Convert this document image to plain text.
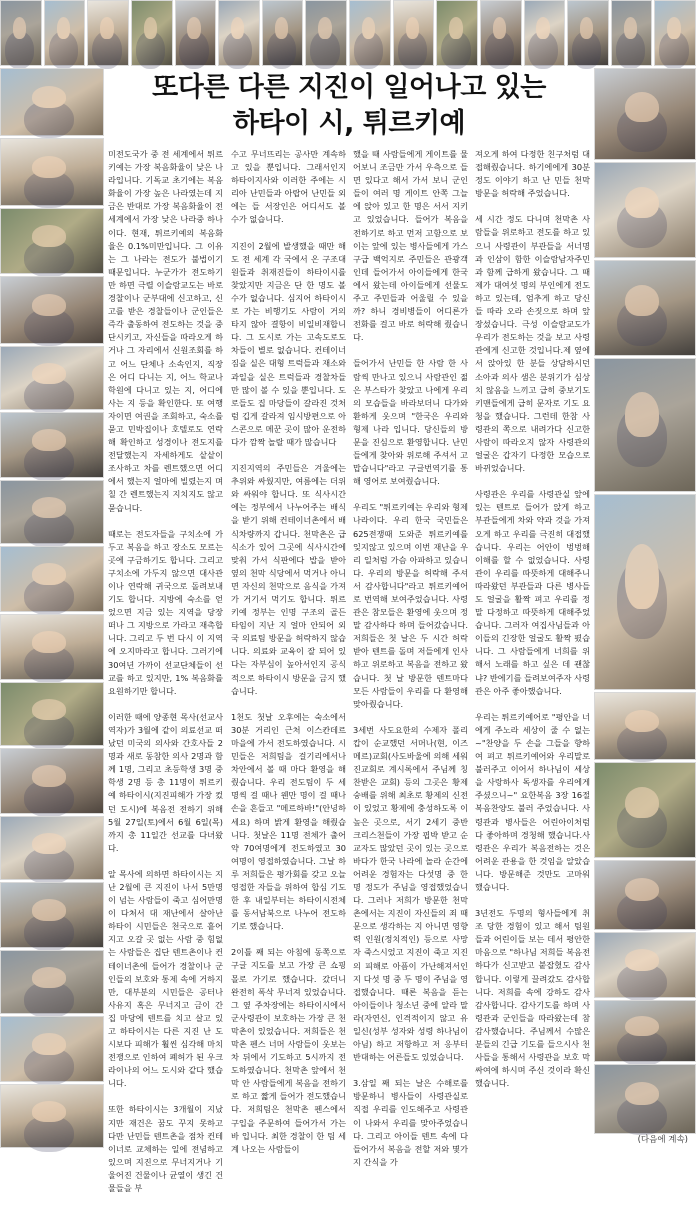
또다른 다른 지진이 일어나고 있는
하타이 시, 튀르키예

미전도국가 중 전 세계에서 튀르키예는 가장 복음화율이 낮은 나라입니다. 기독교 초기에는 복음화율이 가장 높은 나라였는데 지금은 반대로 가장 복음화율이 전 세계에서 가장 낮은 나라중 하나이다. 현재, 튀르키예의 복음화율은 0.1%미만입니다. 그 이유는 그 나라는 전도가 불법이기 때문입니다. 누군가가 전도하기만 하면 극렬 이슬람교도는 바로 경찰이나 군부대에 신고하고, 신고를 받은 경찰들이나 군인들은 즉각 출동하여 전도하는 것을 중단시키고, 자신들을 따라오게 하거나 그 자리에서 신원조회를 하고 어느 단체나 소속인지, 직장은 어디 다니는 지, 어느 학교나 학원에 다니고 있는 지, 어디에 사는 지 등을 확인한다. 또 여행자이면 여권을 조회하고, 숙소를 묻고 민박집이나 호텔로도 연락해 확인하고 성경이나 전도지를 전달했는지 자세하게도 샅샅이 조사하고 차를 렌트했으면 어디에서 했는지 얼마에 빌렸는지 며칠 간 렌트했는지 지치지도 않고 묻습니다.

때로는 전도자들을 구치소에 가두고 복음을 하고 장소도 모르는 곳에 구금하기도 합니다. 그리고 구치소에 가두지 않으면 대사관이나 연락해 귀국으로 돌려보내기도 합니다. 지방에 숙소를 얻었으면 지금 있는 지역을 당장 떠나 그 지방으로 가라고 재촉합니다. 그리고 두 번 다시 이 지역에 오지마라고 합니다. 그러기에 30여년 가까이 선교단체들이 선교를 하고 있지만, 1% 복음화를 요원하기만 합니다.

이러한 때에 양종현 목사(선교사역자)가 3월에 같이 의료선교 떠났던 미국의 의사와 간호사들 2명과 새로 동참한 의사 2명과 함께 1명, 그리고 초등학생 3명 중학생 2명 등 총 11명이 튀르키예 하타이시(지진피해가 가장 컸던 도시)에 복음전 전하기 위해 5월 27일(토)에서 6월 6일(목)까지 총 11일간 선교를 다녀왔다.

알 목사에 의하면 하타이시는 지난 2월에 큰 지진이 나서 5만명이 넘는 사람들이 죽고 심어만명이 다쳐서 대 재난에서 살아난 하타이 시민들은 천국으로 흩어지고 오갈 곳 없는 사람 중 힘없는 사람들은 집단 텐트촌이나 컨테이너촌에 들어가 경찰이나 군인들의 보호와 통제 속에 거하지만, 대부분의 시민들은 공터나 사유지 혹은 무너지고 금이 간 집 마당에 텐트를 치고 살고 있고 하타이시는 다른 지진 난 도시보다 피해가 훨씬 심각해 마치 전쟁으로 인하여 폐허가 된 우크라이나의 어느 도시와 같다 했습니다.

또한 하타이시는 3개월이 지났지만 재건은 꿈도 꾸지 못하고 다만 난민들 텐트촌을 점차 컨테이너로 교체하는 일에 전념하고 있으며 지진으로 무너지거나 기울어진 건물이나 균열이 생긴 건물들을 부

수고 무너뜨리는 공사만 계속하고 있을 뿐입니다. 그래서인지 하타이지사와 이러한 주에는 시리아 난민들과 아랍어 난민들 외에는 들 서장인은 어디서도 볼 수가 없습니다.

지진이 2월에 발생했을 때만 해도 전 세계 각 국에서 온 구조대원들과 취재진들이 하타이시를 찾았지만 지금은 단 한 명도 볼 수가 없습니다. 심지어 하타이시로 가는 비행기도 사람이 거의 타지 않아 결항이 비일비재합니다. 그 도시로 가는 고속도로도 차들이 별로 없습니다. 컨테이너 짐을 실은 대형 트럭들과 재소와 과일을 실은 트럭들과 경찰차들만 많이 볼 수 있을 뿐입니다. 도로들도 집 마당들이 갈라진 것처럼 깁게 갈라져 임시방편으로 아스콘으로 메꾼 곳이 많아 운전하다가 깜짝 놀랄 때가 많습니다

지진지역의 주민들은 겨울에는 추위와 싸웠지만, 여름에는 더위와 싸워야 합니다. 또 식사시간에는 정부에서 나누어주는 배식을 받기 위해 컨테이너촌에서 배식차량까지 갑니다. 천막촌은 급식소가 있어 그곳에 식사시간에 맞춰 가서 식판에다 밥을 받아 옆의 천막 식당에서 먹거나 아니면 자신의 천막으로 음식을 가져가 거기서 먹기도 합니다. 튀르키예 정부는 인명 구조의 골든 타임이 지난 지 얼마 안되어 외국 의료팀 방문을 허락하지 않습니다. 의료와 교육이 잘 되어 있다는 자부심이 높아서인지 공식적으로 하타이시 방문을 금지 했습니다.

1천도 첫날 오후에는 숙소에서 30분 거리인 근처 이스칸데르 마을에 가서 전도하였습니다. 시민들은 저희팀을 걸기리에서나 차안에서 볼 때 마다 환영을 해줬습니다. 우리 전도팀이 두 세명씩 걸 때나 웬만 명이 걸 때나 손을 흔들고 "메르하바!"(안녕하세요) 하며 밝게 환영을 해줬습니다. 첫날은 11명 전체가 출어 약 70여명에게 전도하였고 30여명이 영접하였습니다. 그날 하루 저희들은 평가회를 갖고 오늘 영접한 자들을 위하여 합심 기도한 후 내일부터는 하타이시전체를 동서남북으로 나누어 전도하기로 했습니다.

2이틀 째 되는 아침에 동쪽으로 구글 지도를 보고 가장 큰 쇼핑몰로 가기로 했습니다. 갔더니 완전히 폭삭 무너져 있었습니다. 그 옆 주차장에는 하타이시에서 군사령관이 보호하는 가장 큰 천막촌이 있었습니다. 저희들은 천막촌 펜스 너머 사람들이 웃보는 차 뒤에서 기도하고 5시까지 전도하였습니다. 천막촌 앞에서 천막 안 사람들에게 복음을 전하기로 하고 짧게 들어가 전도했습니다. 저희팀은 천막촌 펜스에서 구입을 주문하여 들어가서 가는 바 입니다. 최한 경찰이 한 팀 세계 나오는 사람들이

했을 때 사람들에게 게이트를 물어보니 조금만 가서 우측으로 들면 있다고 해서 가서 보니 군인들이 여러 명 게이트 안쪽 그늘에 앉아 있고 한 명은 서서 지키고 있었습니다. 들어가 복음을 전하기로 하고 먼저 고함으로 보이는 앞에 있는 병사들에게 가스 구급 백억지로 주민들은 관광객인데 들어가서 아이들에게 한국에서 왔는데 아이들에게 선물도 주고 주민들과 어울릴 수 있을까? 하니 경비병들이 어디론가 전화를 걸고 바로 허락해 줬습니다.

들어가서 난민들 한 사람 한 사람씩 만나고 있으니 사람관인 젊은 부스타가 찾았고 나에게 우리의 모습들을 바라보더니 다가와 환하게 웃으며 "한국은 우리와 형제 나라 입니다. 당신들의 방문을 진심으로 환영합니다. 난민들에게 찾아와 위로해 주셔서 고맙습니다"라고 구글번역기를 통해 영어로 보여줬습니다.

우리도 "튀르키예는 우리와 형제나라이다. 우리 한국 국민들은 625전쟁때 도와준 튀르키예를 잊지않고 있으며 이번 재난을 우리 일처럼 가슴 아파하고 있습니다. 우리의 방문을 허락해 주셔서 감사합니다"라고 튀르키예어로 번역해 보여주었습니다. 사령관은 참모들은 환영에 웃으며 정말 감사하다 하며 들어갔습니다. 저희들은 첫 날은 두 시간 허락 받아 텐트를 돌며 저들에게 인사하고 위로하고 복음을 전하고 왔습니다. 첫 날 방문한 텐트마다 모든 사람들이 우리를 다 환영해 맞아줬습니다.

3세번 사도요한의 수제자 폴리캅이 순교했던 서머나(현, 이즈메르)교회(사도바울에 의해 세워진교회로 계시록에서 주님께 칭찬받은 교회) 등의 그곳은 황제 숭배를 위해 최초로 황제의 신전이 있었고 황제에 충성하도록 이 높은 곳으로, 서기 2세기 중반 크리스천들이 가장 핍박 받고 순교자도 많았던 곳이 있는 곳으로 바다가 한국 나라에 놀라 순간에 어려운 경험자는 다섯명 중 한 명 정도가 주님을 영접했었습니다. 그러나 저희가 방문한 천막촌에서는 지진이 자신들의 죄 때문으로 생각하는 지 아니면 영향력 인원(정치적인) 등으로 사망자 죽스시었고 지진이 죽고 지진의 피해로 아픔이 가난해져서인지 다섯 명 중 두 명이 주님을 영접했습니다. 때론 복음을 듣는 아이들이나 청소년 중에 알라 말라(자연신, 인격적이지 않고 유일신(성부 성자와 성령 하나님이 아님) 하고 저항하고 저 응부터 반대하는 어른들도 있었습니다.

3.삼일 째 되는 날은 수해로를 방문하니 병사들이 사령관실로 직접 우리를 인도해주고 사령관이 나와서 우리를 맞아주었습니다. 그리고 아이들 텐트 속에 다 들어가서 복음을 전할 저와 몇가지 간식을 가

져오게 하여 다정한 친구처럼 대접해줬습니다. 하기에에게 30분 정도 이야기 하고 난 민들 천막 방문을 허락해 주었습니다.

세 시간 정도 다니며 천막촌 사람들을 위로하고 전도를 하고 있으니 사령관이 부관들을 서너명과 인삼이 함한 이슬람남자주민과 함께 급하게 왔습니다. 그 때 제가 대여섯 명의 부인에게 전도하고 있는데, 엄추게 하고 당신들 따라 오라 손짓으로 하며 앞장섰습니다. 극성 이슬람교도가 우리가 전도하는 것을 보고 사령관에게 신고한 것입니다.제 옆에서 앉아있 한 분들 상담하시던 소아과 의사 샘은 분위기가 심상치 않음을 느끼고 급히 중보기도 키맨들에게 급히 문자로 기도 요청을 했습니다. 그런데 한참 사령관의 쪽으로 내려가다 신고한 사람이 따라오지 않자 사령관의 얼굴은 갑자기 다정한 모습으로 바뀌었습니다.

사령관은 우리를 사령관실 앞에 있는 텐트로 들어가 앉게 하고 부관들에게 차와 약과 것을 가져오게 하고 우리를 극진히 대접했습니다. 우리는 어안이 벙벙해 이해를 할 수 없었습니다. 사령관이 우리를 따뜻하게 대해주니 따라왔던 부관들과 다른 병사들도 얼굴을 활짝 펴고 우리를 정말 다정하고 따뜻하게 대해주었습니다. 그러자 여집사님들과 아이들의 긴장한 얼굴도 활짝 폈습니다. 그 사람들에게 너희를 위해서 노래를 하고 싶은 데 괜찮냐? 반에기를 들려보여주자 사령관은 아주 좋아했습니다.

우리는 튀르키예어로 "평안을 너에게 주노라 세상이 줄 수 없는~"찬양을 두 손을 그들을 향하여 펴고 튀르키예어와 우리말로 불러주고 이어서 하나님이 세상을 사랑하사 독생자를 우리에게 주셨으니~" 요한복음 3장 16절 복음찬양도 불러 주었습니다. 사령관과 병사들은 어린아이처럼 다 좋아하며 경청해 했습니다.사령관은 우리가 복음전하는 것은 어려운 관용을 한 것임을 알았습니다. 방문해준 것만도 고마워 했습니다.

3년전도 두명의 형사들에게 취조 당한 경험이 있고 해서 팀원들과 어린이들 보는 데서 평안한 마음으로 "하나님 저희들 복음전하다가 신고받고 붙잡혔도 감사합니다. 이렇게 끌려갔도 감사합니다. 저희를 속에 강하도 감사 감사합니다. 감사기도를 하며 사령관과 군인들을 따라왔는데 참 감사했습니다. 주님께서 수많은 분들의 긴급 기도를 들으시사 천사들을 통해서 사령관을 보호 막 싸여에 하시며 주신 것이라 확신 했습니다.

(다음에 계속)
